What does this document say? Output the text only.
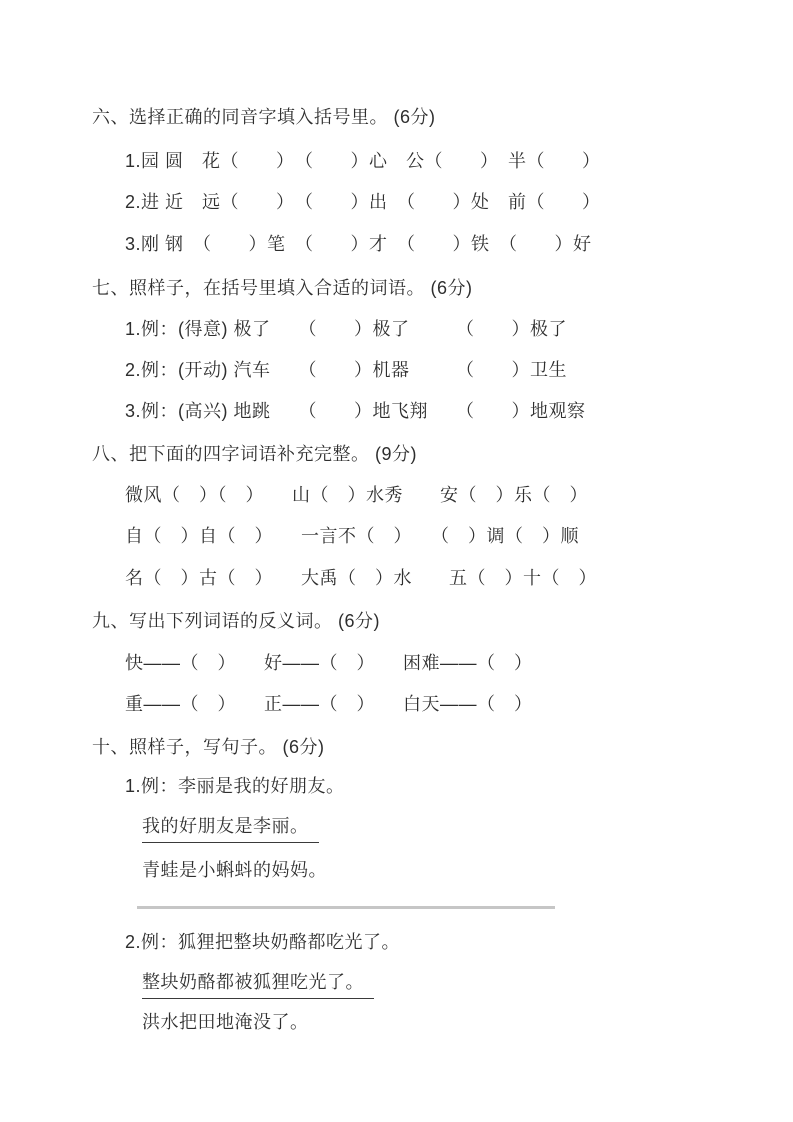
六、选择正确的同音字填入括号里。 (6分)
1.园 圆　花（　　）　（　　）心　公（　　）　半（　　）
2.进 近　远（　　）　（　　）出　（　　）处　前（　　）
3.刚 钢　（　　）笔　（　　）才　（　　）铁　（　　）好
七、照样子，在括号里填入合适的词语。 (6分)
1.例：(得意) 极了　　（　　）极了　　　（　　）极了
2.例：(开动) 汽车　　（　　）机器　　　（　　）卫生
3.例：(高兴) 地跳　　（　　）地飞翔　　（　　）地观察
八、把下面的四字词语补充完整。 (9分)
微风（　）（　）　　山（　）水秀　　安（　）乐（　）
自（　）自（　）　　一言不（　）　　（　）调（　）顺
名（　）古（　）　　大禹（　）水　　五（　）十（　）
九、写出下列词语的反义词。 (6分)
快——（　）　　好——（　）　　困难——（　）
重——（　）　　正——（　）　　白天——（　）
十、照样子，写句子。 (6分)
1.例：李丽是我的好朋友。
我的好朋友是李丽。
青蛙是小蝌蚪的妈妈。
2.例：狐狸把整块奶酪都吃光了。
整块奶酪都被狐狸吃光了。
洪水把田地淹没了。
